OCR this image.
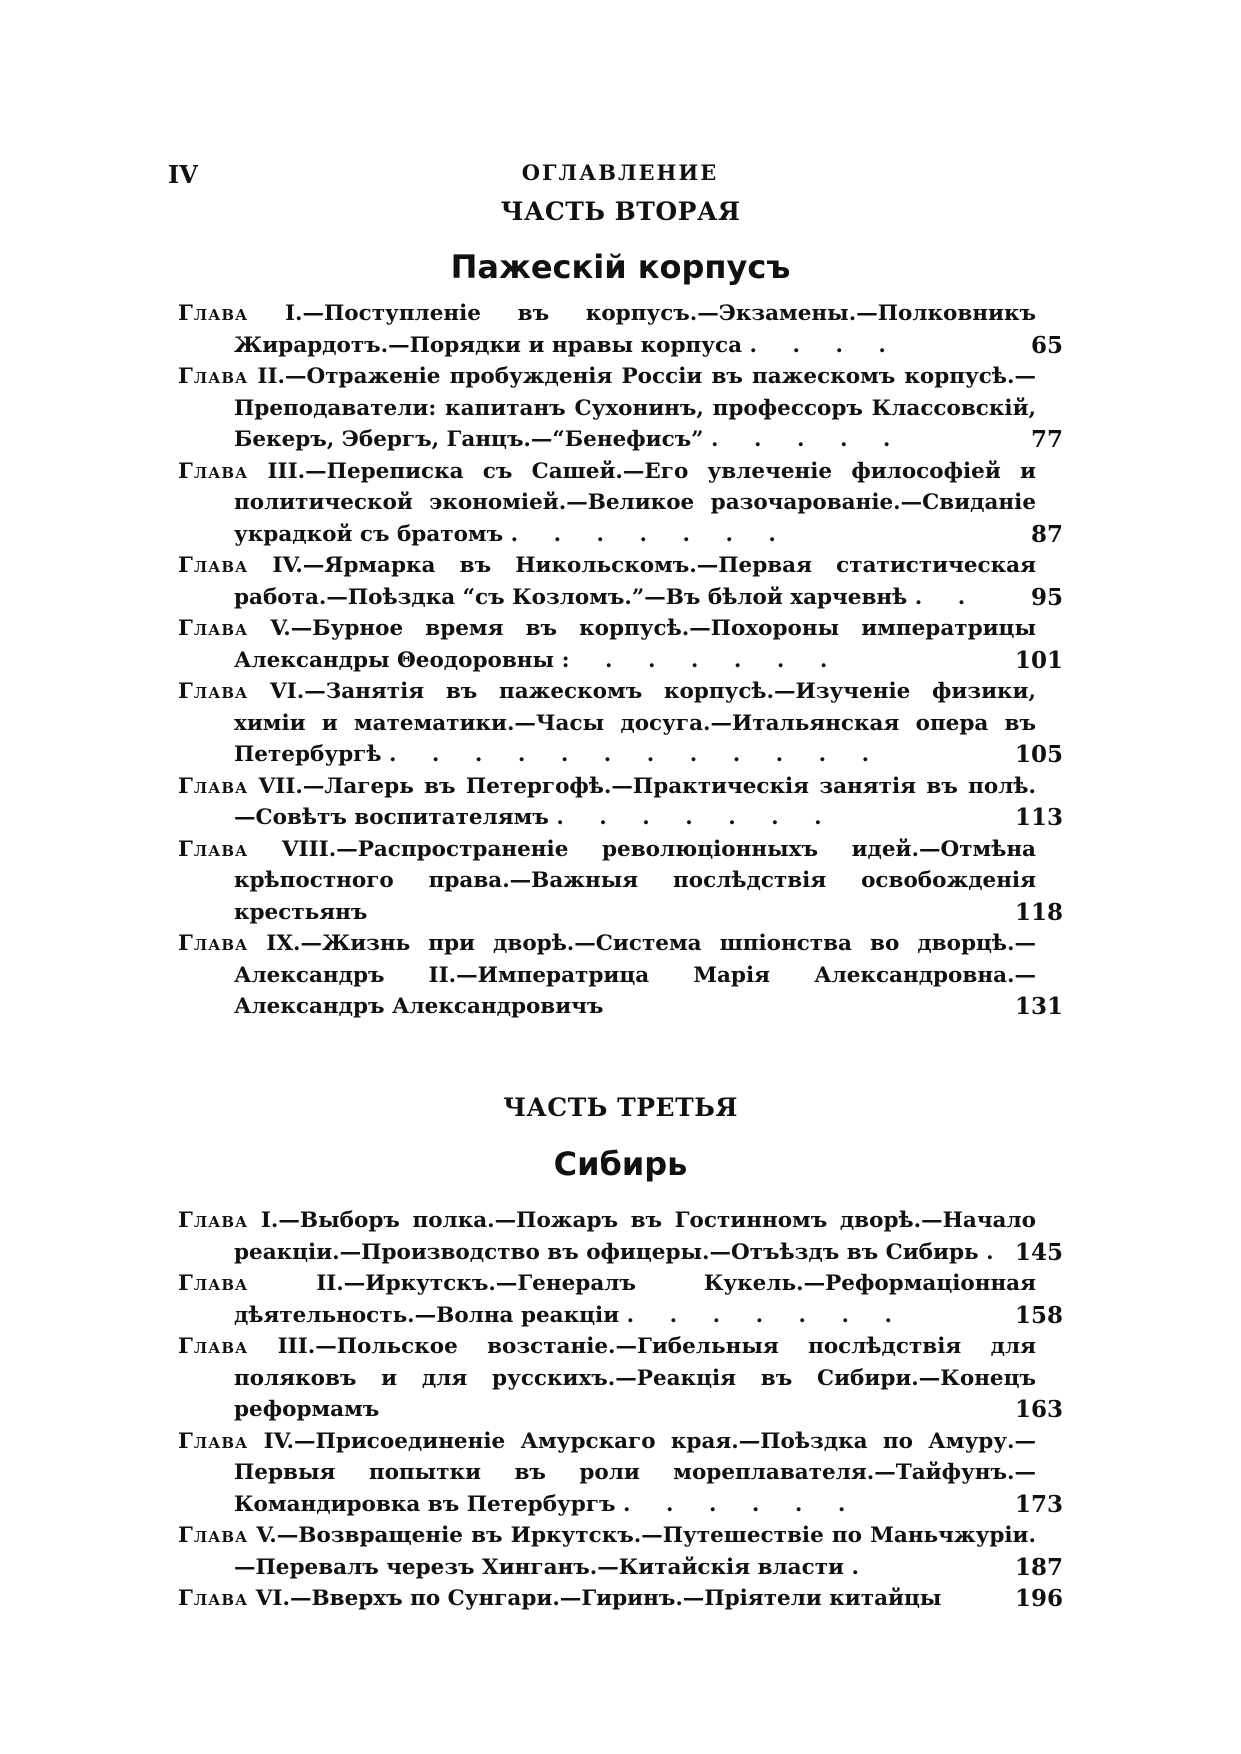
IV	ОГЛАВЛЕНИЕ
ЧАСТЬ ВТОРАЯ
Пажескій корпусъ
Глава I.—Поступленіе въ корпусъ.—Экзамены.—Полковникъ Жирардотъ.—Порядки и нравы корпуса . . . .	65
Глава II.—Отраженіе пробужденія Россіи въ пажескомъ корпусѣ.—Преподаватели: капитанъ Сухонинъ, профессоръ Классовскій, Бекеръ, Эбергъ, Ганцъ.—“Бенефисъ” . . . . .	77
Глава III.—Переписка съ Сашей.—Его увлеченіе философіей и политической экономіей.—Великое разочарованіе.—Свиданіе украдкой съ братомъ . . . . . . .	87
Глава IV.—Ярмарка въ Никольскомъ.—Первая статистическая работа.—Поѣздка “съ Козломъ.”—Въ бѣлой харчевнѣ . .	95
Глава V.—Бурное время въ корпусѣ.—Похороны императрицы Александры Θеодоровны : . . . . . .	101
Глава VI.—Занятія въ пажескомъ корпусѣ.—Изученіе физики, химіи и математики.—Часы досуга.—Итальянская опера въ Петербургѣ . . . . . . . . . . . .	105
Глава VII.—Лагерь въ Петергофѣ.—Практическія занятія въ полѣ.—Совѣтъ воспитателямъ . . . . . . .	113
Глава VIII.—Распространеніе революціонныхъ идей.—Отмѣна крѣпостного права.—Важныя послѣдствія освобожденія крестьянъ	118
Глава IX.—Жизнь при дворѣ.—Система шпіонства во дворцѣ.—Александръ II.—Императрица Марія Александровна.—Александръ Александровичъ	131
ЧАСТЬ ТРЕТЬЯ
Сибирь
Глава I.—Выборъ полка.—Пожаръ въ Гостинномъ дворѣ.—Начало реакціи.—Производство въ офицеры.—Отъѣздъ въ Сибирь . 145
Глава	II.—Иркутскъ.—Генералъ Кукель.—Реформаціонная дѣятельность.—Волна реакціи . . . . . . .	158
Глава III.—Польское возстаніе.—Гибельныя послѣдствія для поляковъ и для русскихъ.—Реакція въ Сибири.—Конецъ реформамъ	163
Глава IV.—Присоединеніе Амурскаго края.—Поѣздка по Амуру.—Первыя попытки въ роли мореплавателя.—Тайфунъ.—Командировка въ Петербургъ . . . . . .	173
Глава V.—Возвращеніе въ Иркутскъ.—Путешествіе по Маньчжуріи.—Перевалъ черезъ Хинганъ.—Китайскія власти .	187
Глава VI.—Вверхъ по Сунгари.—Гиринъ.—Пріятели китайцы	196
